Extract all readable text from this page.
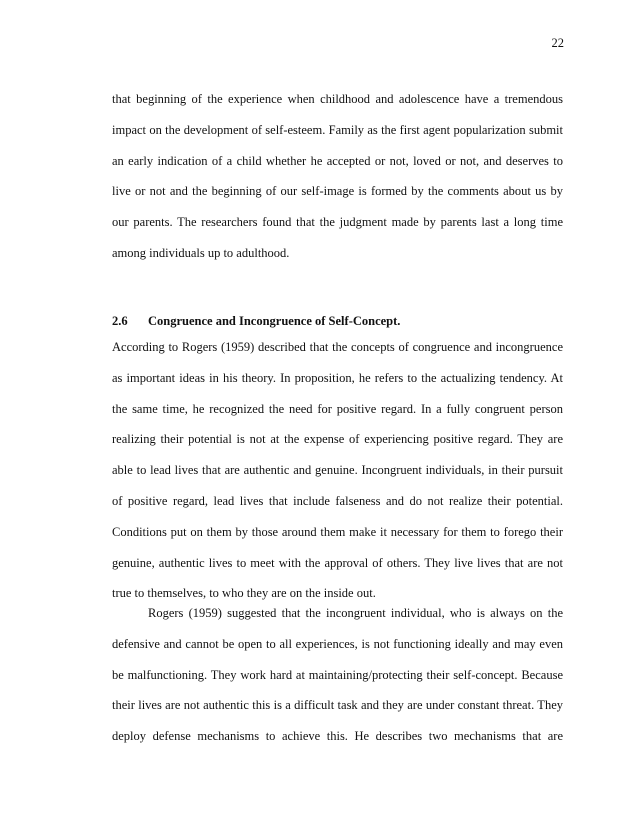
22

that beginning of the experience when childhood and adolescence have a tremendous
impact on the development of self-esteem. Family as the first agent popularization submit
an early indication of a child whether he accepted or not, loved or not, and deserves to
live or not and the beginning of our self-image is formed by the comments about us by
our parents. The researchers found that the judgment made by parents last a long time
among individuals up to adulthood.

2.6 Congruence and Incongruence of Self-Concept.

According to Rogers (1959) described that the concepts of congruence and incongruence
as important ideas in his theory. In proposition, he refers to the actualizing tendency. At
the same time, he recognized the need for positive regard. In a fully congruent person
realizing their potential is not at the expense of experiencing positive regard. They are
able to lead lives that are authentic and genuine. Incongruent individuals, in their pursuit
of positive regard, lead lives that include falseness and do not realize their potential.
Conditions put on them by those around them make it necessary for them to forego their
genuine, authentic lives to meet with the approval of others. They live lives that are not
true to themselves, to who they are on the inside out.

Rogers (1959) suggested that the incongruent individual, who is always on the
defensive and cannot be open to all experiences, is not functioning ideally and may even
be malfunctioning. They work hard at maintaining/protecting their self-concept. Because
their lives are not authentic this is a difficult task and they are under constant threat. They
deploy defense mechanisms to achieve this. He describes two mechanisms that are
